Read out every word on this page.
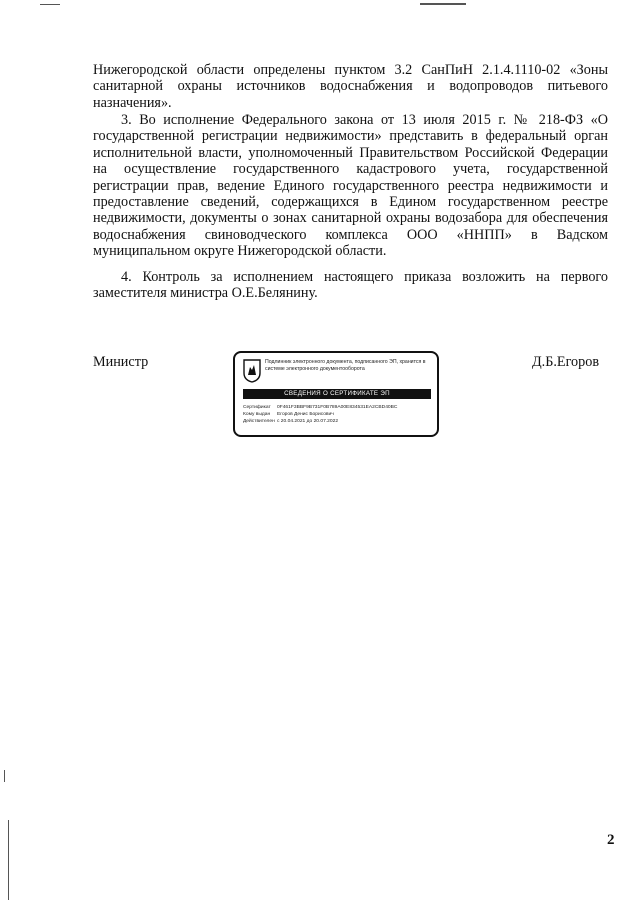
Нижегородской области определены пунктом 3.2 СанПиН 2.1.4.1110-02 «Зоны санитарной охраны источников водоснабжения и водопроводов питьевого назначения».

3. Во исполнение Федерального закона от 13 июля 2015 г. № 218-ФЗ «О государственной регистрации недвижимости» представить в федеральный орган исполнительной власти, уполномоченный Правительством Российской Федерации на осуществление государственного кадастрового учета, государственной регистрации прав, ведение Единого государственного реестра недвижимости и предоставление сведений, содержащихся в Едином государственном реестре недвижимости, документы о зонах санитарной охраны водозабора для обеспечения водоснабжения свиноводческого комплекса ООО «ННПП» в Вадском муниципальном округе Нижегородской области.

4. Контроль за исполнением настоящего приказа возложить на первого заместителя министра О.Е.Белянину.

Министр	Подлинник электронного документа, подписанного ЭП, хранится в системе электронного документооборота
СВЕДЕНИЯ О СЕРТИФИКАТЕ ЭП
Сертификат 0F461F3BBF9B731F0B789A00E834531EA2CBD40BC
Кому выдан Егоров Денис Борисович
Действителен с 20.04.2021 до 20.07.2022
Д.Б.Егоров
2
